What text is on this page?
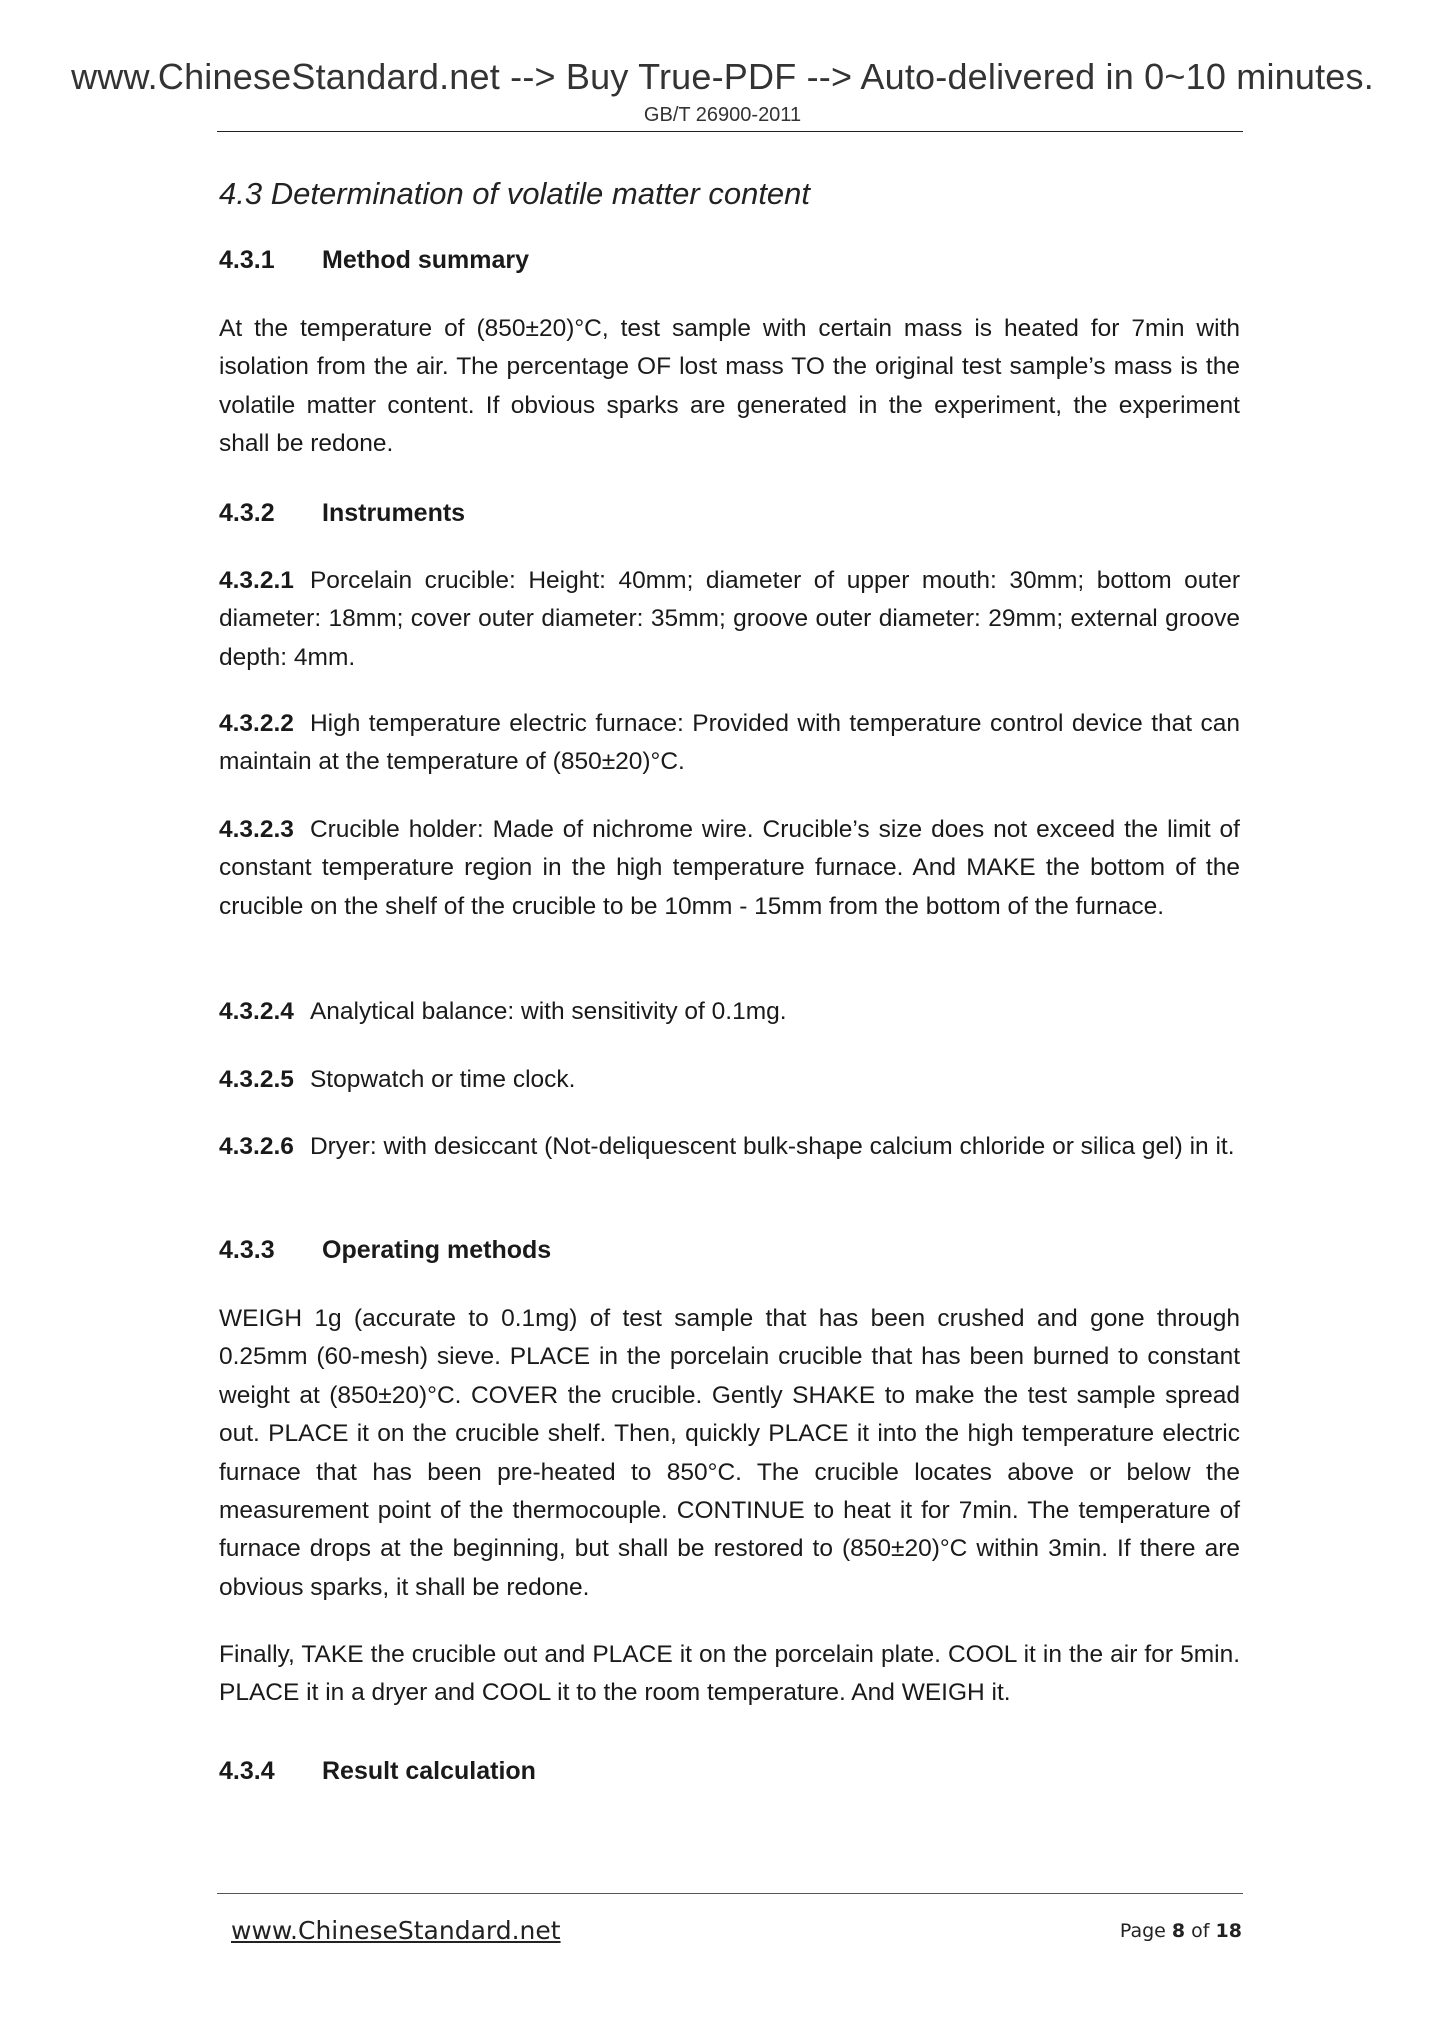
www.ChineseStandard.net --> Buy True-PDF --> Auto-delivered in 0~10 minutes.
GB/T 26900-2011
4.3 Determination of volatile matter content
4.3.1 Method summary

At the temperature of (850±20)°C, test sample with certain mass is heated for 7min with isolation from the air. The percentage OF lost mass TO the original test sample’s mass is the volatile matter content. If obvious sparks are generated in the experiment, the experiment shall be redone.

4.3.2 Instruments

4.3.2.1 Porcelain crucible: Height: 40mm; diameter of upper mouth: 30mm; bottom outer diameter: 18mm; cover outer diameter: 35mm; groove outer diameter: 29mm; external groove depth: 4mm.

4.3.2.2 High temperature electric furnace: Provided with temperature control device that can maintain at the temperature of (850±20)°C.

4.3.2.3 Crucible holder: Made of nichrome wire. Crucible’s size does not exceed the limit of constant temperature region in the high temperature furnace. And MAKE the bottom of the crucible on the shelf of the crucible to be 10mm - 15mm from the bottom of the furnace.

4.3.2.4 Analytical balance: with sensitivity of 0.1mg.

4.3.2.5 Stopwatch or time clock.

4.3.2.6 Dryer: with desiccant (Not-deliquescent bulk-shape calcium chloride or silica gel) in it.

4.3.3 Operating methods

WEIGH 1g (accurate to 0.1mg) of test sample that has been crushed and gone through 0.25mm (60-mesh) sieve. PLACE in the porcelain crucible that has been burned to constant weight at (850±20)°C. COVER the crucible. Gently SHAKE to make the test sample spread out. PLACE it on the crucible shelf. Then, quickly PLACE it into the high temperature electric furnace that has been pre-heated to 850°C. The crucible locates above or below the measurement point of the thermocouple. CONTINUE to heat it for 7min. The temperature of furnace drops at the beginning, but shall be restored to (850±20)°C within 3min. If there are obvious sparks, it shall be redone.

Finally, TAKE the crucible out and PLACE it on the porcelain plate. COOL it in the air for 5min. PLACE it in a dryer and COOL it to the room temperature. And WEIGH it.

4.3.4 Result calculation
www.ChineseStandard.net	Page 8 of 18
